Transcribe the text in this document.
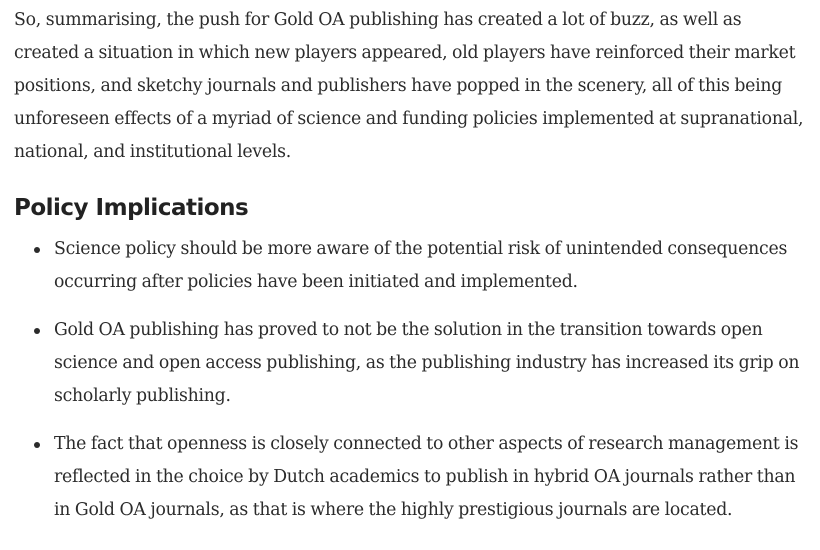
So, summarising, the push for Gold OA publishing has created a lot of buzz, as well as created a situation in which new players appeared, old players have reinforced their market positions, and sketchy journals and publishers have popped in the scenery, all of this being unforeseen effects of a myriad of science and funding policies implemented at supranational, national, and institutional levels.

Policy Implications
Science policy should be more aware of the potential risk of unintended consequences occurring after policies have been initiated and implemented.
Gold OA publishing has proved to not be the solution in the transition towards open science and open access publishing, as the publishing industry has increased its grip on scholarly publishing.
The fact that openness is closely connected to other aspects of research management is reflected in the choice by Dutch academics to publish in hybrid OA journals rather than in Gold OA journals, as that is where the highly prestigious journals are located.
